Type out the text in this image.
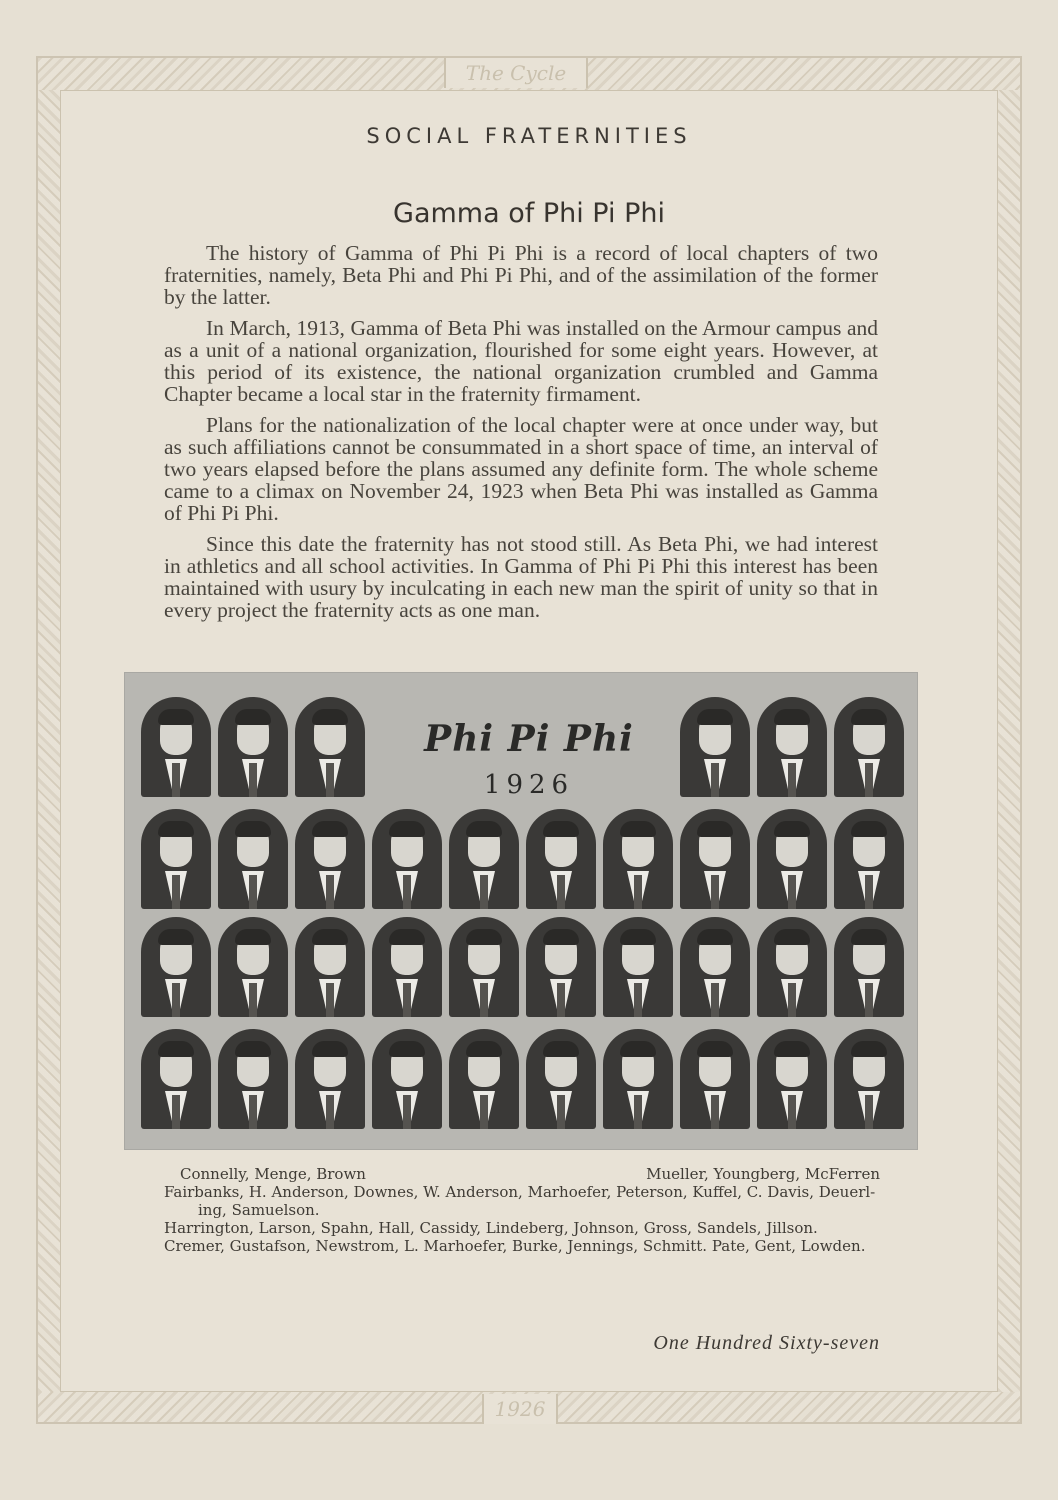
The Cycle
1926
SOCIAL FRATERNITIES
Gamma of Phi Pi Phi

The history of Gamma of Phi Pi Phi is a record of local chapters of two fraternities, namely, Beta Phi and Phi Pi Phi, and of the assimilation of the former by the latter.

In March, 1913, Gamma of Beta Phi was installed on the Armour campus and as a unit of a national organization, flourished for some eight years. However, at this period of its existence, the national organization crumbled and Gamma Chapter became a local star in the fraternity firmament.

Plans for the nationalization of the local chapter were at once under way, but as such affiliations cannot be consummated in a short space of time, an interval of two years elapsed before the plans assumed any definite form. The whole scheme came to a climax on November 24, 1923 when Beta Phi was installed as Gamma of Phi Pi Phi.

Since this date the fraternity has not stood still. As Beta Phi, we had interest in athletics and all school activities. In Gamma of Phi Pi Phi this interest has been maintained with usury by inculcating in each new man the spirit of unity so that in every project the fraternity acts as one man.

Phi Pi Phi
1926
Connelly, Menge, Brown	Mueller, Youngberg, McFerren
Fairbanks, H. Anderson, Downes, W. Anderson, Marhoefer, Peterson, Kuffel, C. Davis, Deuerl-
ing, Samuelson.
Harrington, Larson, Spahn, Hall, Cassidy, Lindeberg, Johnson, Gross, Sandels, Jillson.
Cremer, Gustafson, Newstrom, L. Marhoefer, Burke, Jennings, Schmitt. Pate, Gent, Lowden.
One Hundred Sixty-seven
